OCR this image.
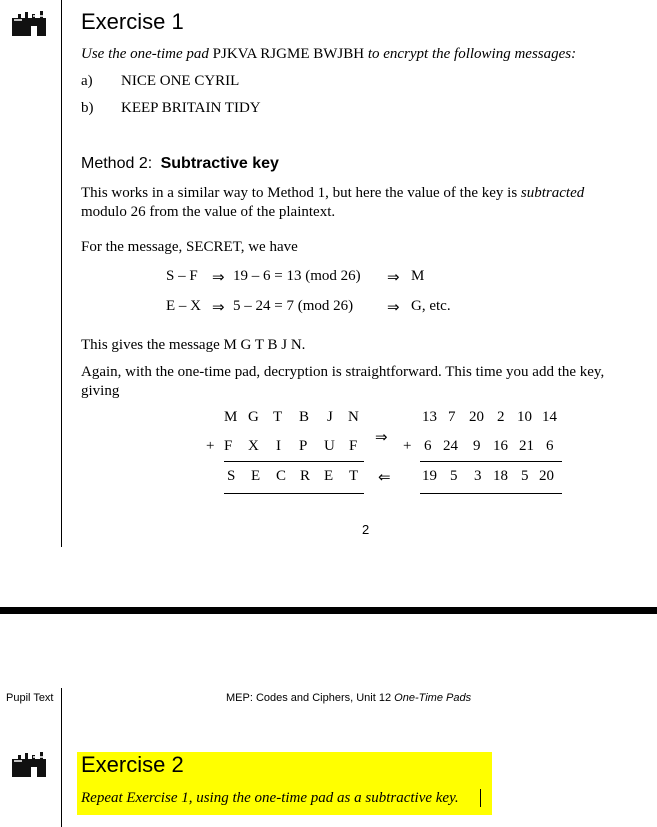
Exercise 1
Use the one-time pad PJKVA RJGME BWJBH to encrypt the following messages:
a) NICE ONE CYRIL
b) KEEP BRITAIN TIDY
Method 2: Subtractive key
This works in a similar way to Method 1, but here the value of the key is subtracted
modulo 26 from the value of the plaintext.
For the message, SECRET, we have
S – F ⇒ 19 – 6 = 13 (mod 26) ⇒ M
E – X ⇒ 5 – 24 = 7 (mod 26) ⇒ G, etc.
This gives the message M G T B J N.
Again, with the one-time pad, decryption is straightforward. This time you add the key,
giving
M G T B J N
+ F X I P U F
S E C R E T
⇒
⇐
13 7 20 2 10 14
+ 6 24 9 16 21 6
19 5 3 18 5 20
2
Pupil Text	MEP: Codes and Ciphers, Unit 12 One-Time Pads
Exercise 2
Repeat Exercise 1, using the one-time pad as a subtractive key.
